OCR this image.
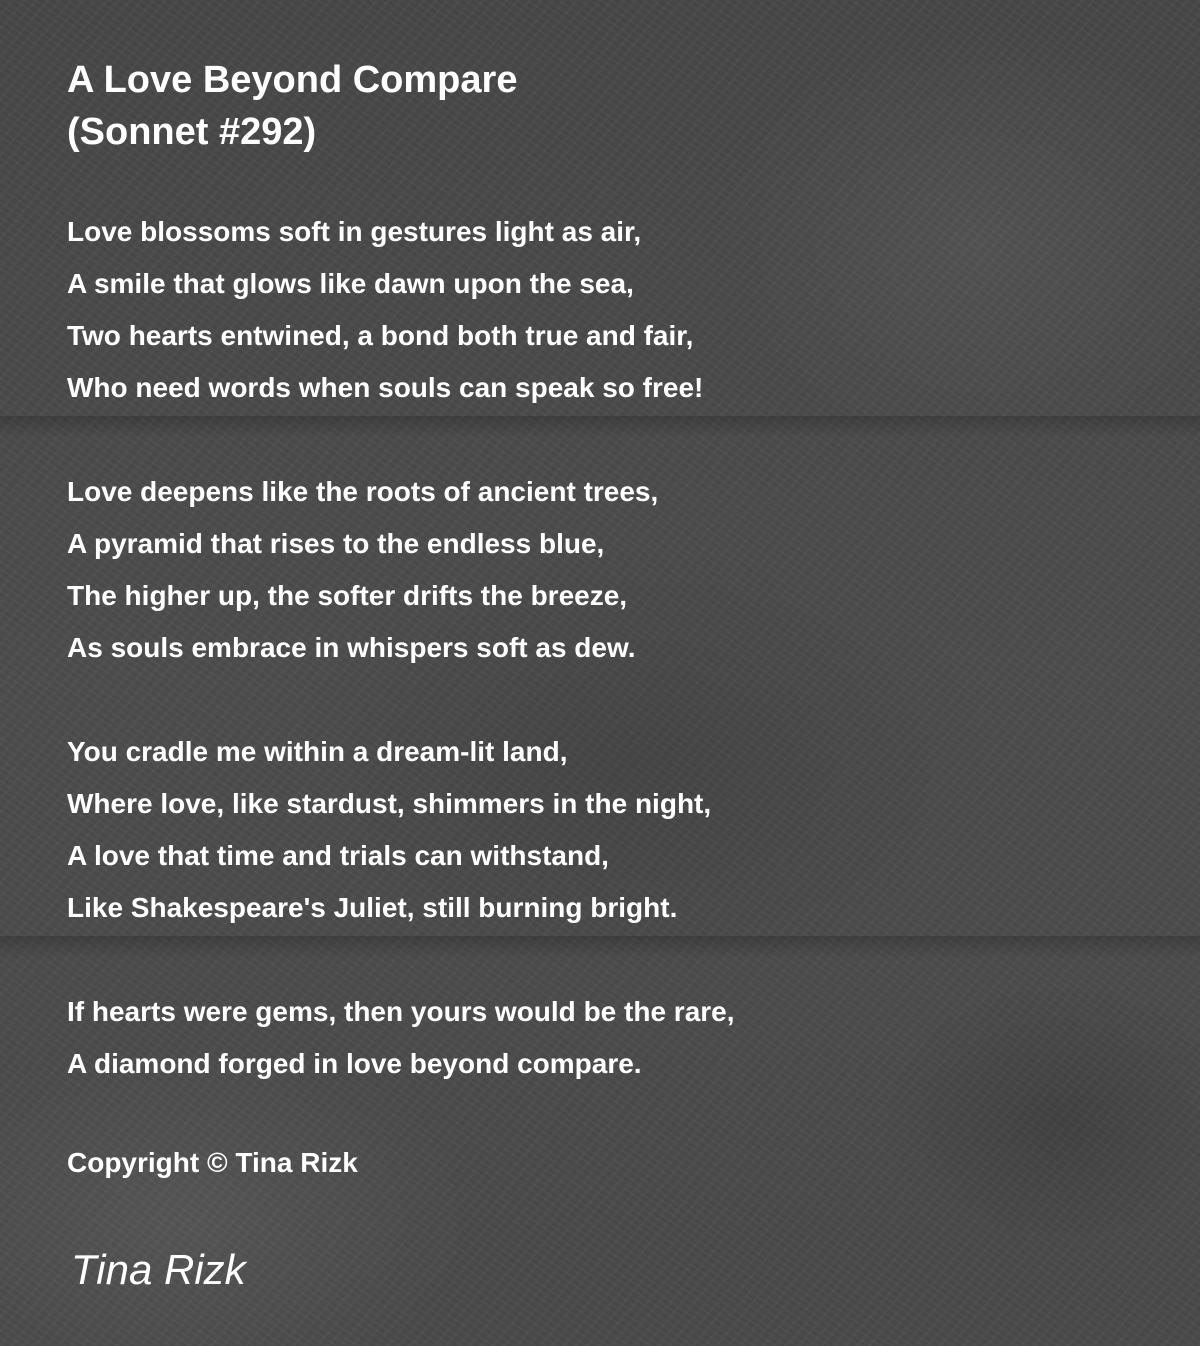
A Love Beyond Compare
(Sonnet #292)
Love blossoms soft in gestures light as air,
A smile that glows like dawn upon the sea,
Two hearts entwined, a bond both true and fair,
Who need words when souls can speak so free!
Love deepens like the roots of ancient trees,
A pyramid that rises to the endless blue,
The higher up, the softer drifts the breeze,
As souls embrace in whispers soft as dew.
You cradle me within a dream-lit land,
Where love, like stardust, shimmers in the night,
A love that time and trials can withstand,
Like Shakespeare's Juliet, still burning bright.
If hearts were gems, then yours would be the rare,
A diamond forged in love beyond compare.
Copyright © Tina Rizk
Tina Rizk
